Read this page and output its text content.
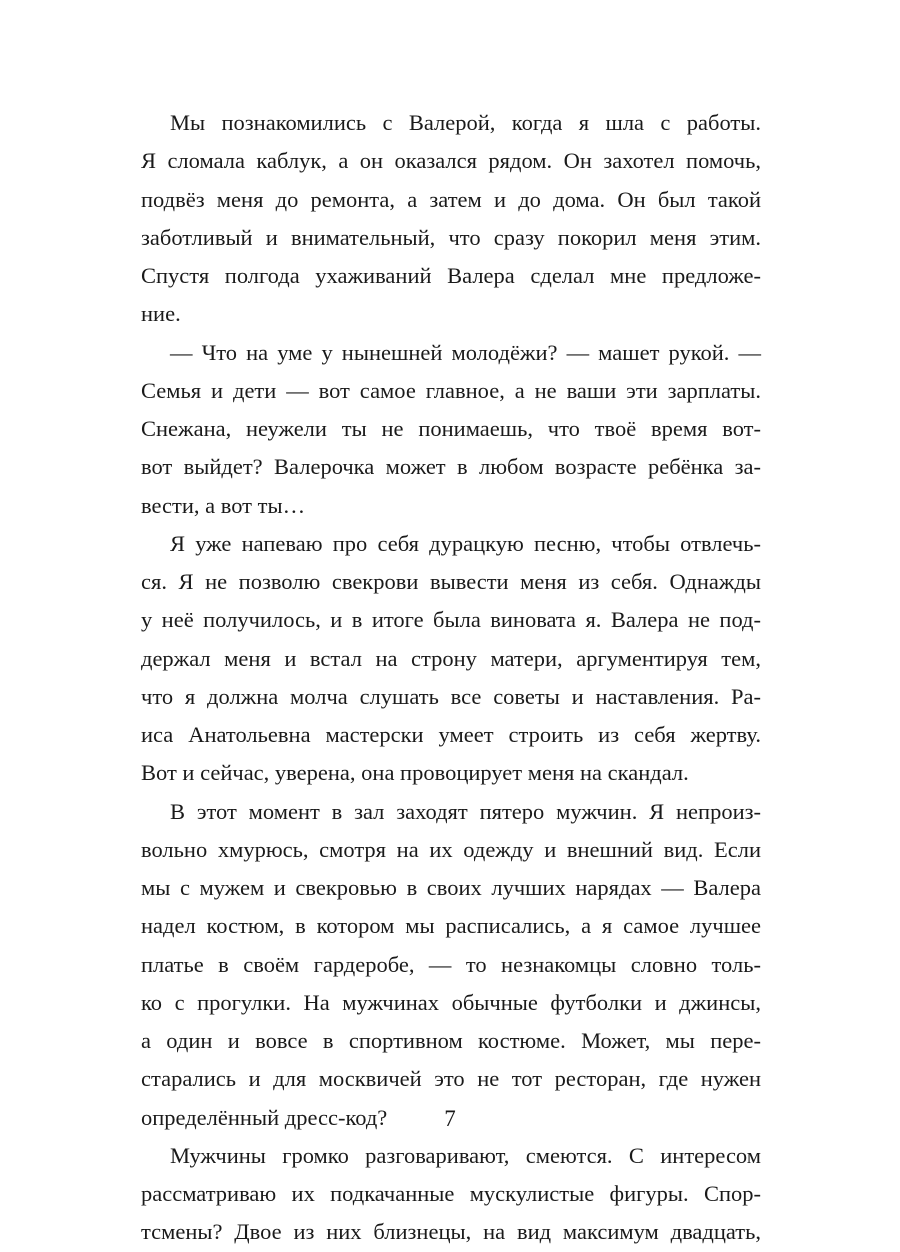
Мы познакомились с Валерой, когда я шла с работы.
Я сломала каблук, а он оказался рядом. Он захотел помочь,
подвёз меня до ремонта, а затем и до дома. Он был такой
заботливый и внимательный, что сразу покорил меня этим.
Спустя полгода ухаживаний Валера сделал мне предложе-
ние.
— Что на уме у нынешней молодёжи? — машет рукой. —
Семья и дети — вот самое главное, а не ваши эти зарплаты.
Снежана, неужели ты не понимаешь, что твоё время вот-
вот выйдет? Валерочка может в любом возрасте ребёнка за-
вести, а вот ты…
Я уже напеваю про себя дурацкую песню, чтобы отвлечь-
ся. Я не позволю свекрови вывести меня из себя. Однажды
у неё получилось, и в итоге была виновата я. Валера не под-
держал меня и встал на строну матери, аргументируя тем,
что я должна молча слушать все советы и наставления. Ра-
иса Анатольевна мастерски умеет строить из себя жертву.
Вот и сейчас, уверена, она провоцирует меня на скандал.
В этот момент в зал заходят пятеро мужчин. Я непроиз-
вольно хмурюсь, смотря на их одежду и внешний вид. Если
мы с мужем и свекровью в своих лучших нарядах — Валера
надел костюм, в котором мы расписались, а я самое лучшее
платье в своём гардеробе, — то незнакомцы словно толь-
ко с прогулки. На мужчинах обычные футболки и джинсы,
а один и вовсе в спортивном костюме. Может, мы пере-
старались и для москвичей это не тот ресторан, где нужен
определённый дресс-код?
Мужчины громко разговаривают, смеются. С интересом
рассматриваю их подкачанные мускулистые фигуры. Спор-
тсмены? Двое из них близнецы, на вид максимум двадцать,
7
